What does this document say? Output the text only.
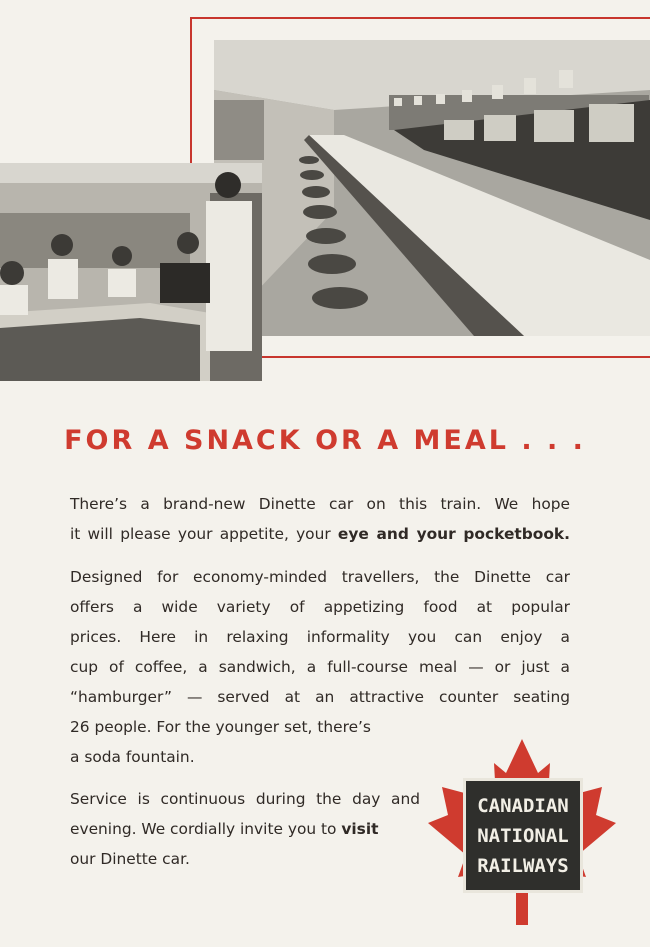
FOR A SNACK OR A MEAL . . .

There’s a brand-new Dinette car on this train. We hope
it will please your appetite, your eye and your pocketbook.

Designed for economy-minded travellers, the Dinette car
offers a wide variety of appetizing food at popular
prices. Here in relaxing informality you can enjoy a
cup of coffee, a sandwich, a full-course meal — or just a
“hamburger” — served at an attractive counter seating
26 people. For the younger set, there’s
a soda fountain.

Service is continuous during the day and
evening. We cordially invite you to visit
our Dinette car.

CANADIAN
NATIONAL
RAILWAYS
